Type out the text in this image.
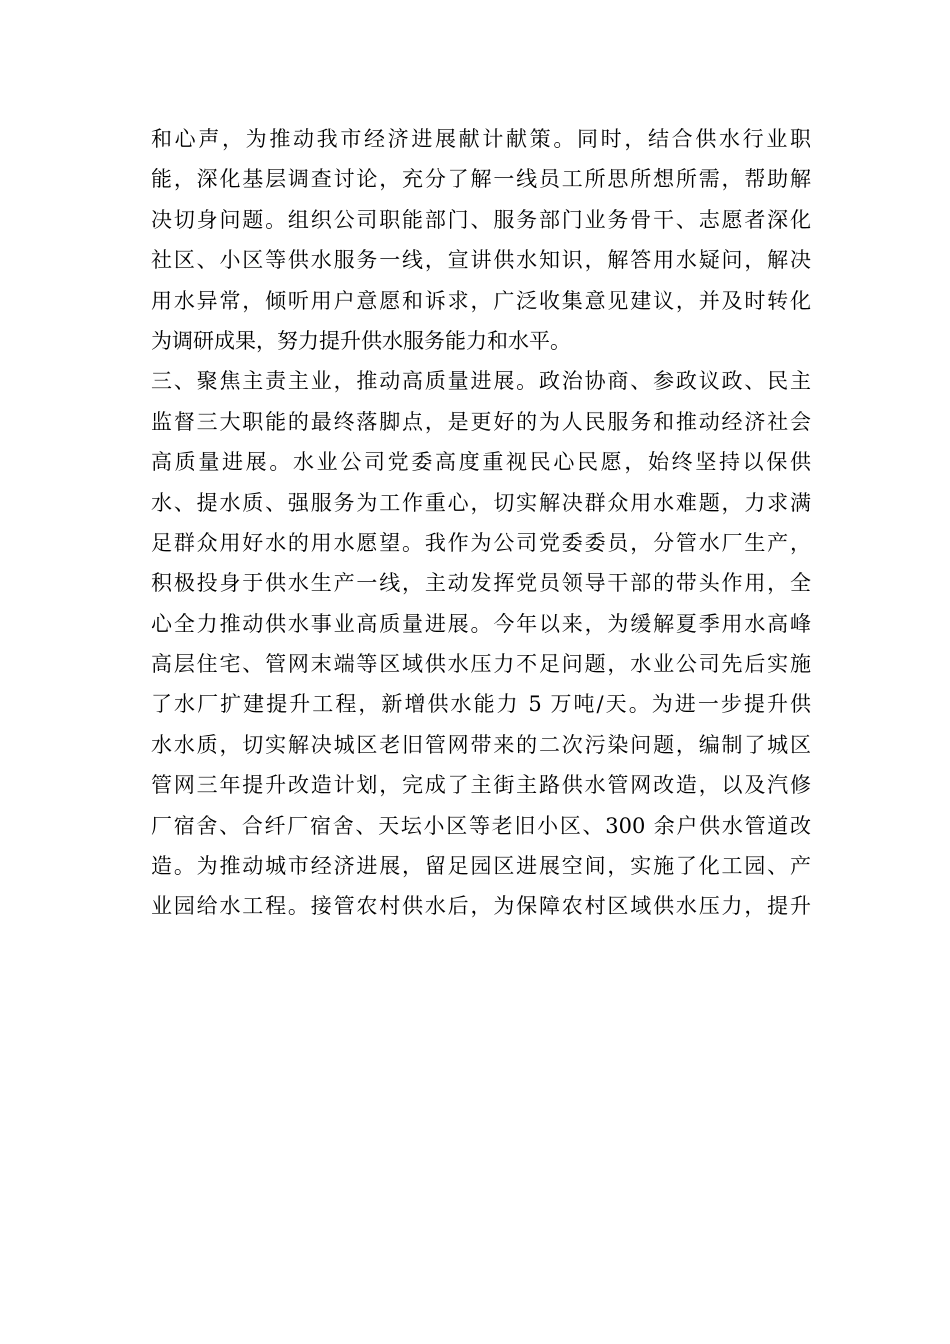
和心声，为推动我市经济进展献计献策。同时，结合供水行业职
能，深化基层调查讨论，充分了解一线员工所思所想所需，帮助解
决切身问题。组织公司职能部门、服务部门业务骨干、志愿者深化
社区、小区等供水服务一线，宣讲供水知识，解答用水疑问，解决
用水异常，倾听用户意愿和诉求，广泛收集意见建议，并及时转化
为调研成果，努力提升供水服务能力和水平。
三、聚焦主责主业，推动高质量进展。政治协商、参政议政、民主
监督三大职能的最终落脚点，是更好的为人民服务和推动经济社会
高质量进展。水业公司党委高度重视民心民愿，始终坚持以保供
水、提水质、强服务为工作重心，切实解决群众用水难题，力求满
足群众用好水的用水愿望。我作为公司党委委员，分管水厂生产，
积极投身于供水生产一线，主动发挥党员领导干部的带头作用，全
心全力推动供水事业高质量进展。今年以来，为缓解夏季用水高峰
高层住宅、管网末端等区域供水压力不足问题，水业公司先后实施
了水厂扩建提升工程，新增供水能力 5 万吨/天。为进一步提升供
水水质，切实解决城区老旧管网带来的二次污染问题，编制了城区
管网三年提升改造计划，完成了主街主路供水管网改造，以及汽修
厂宿舍、合纤厂宿舍、天坛小区等老旧小区、300 余户供水管道改
造。为推动城市经济进展，留足园区进展空间，实施了化工园、产
业园给水工程。接管农村供水后，为保障农村区域供水压力，提升
